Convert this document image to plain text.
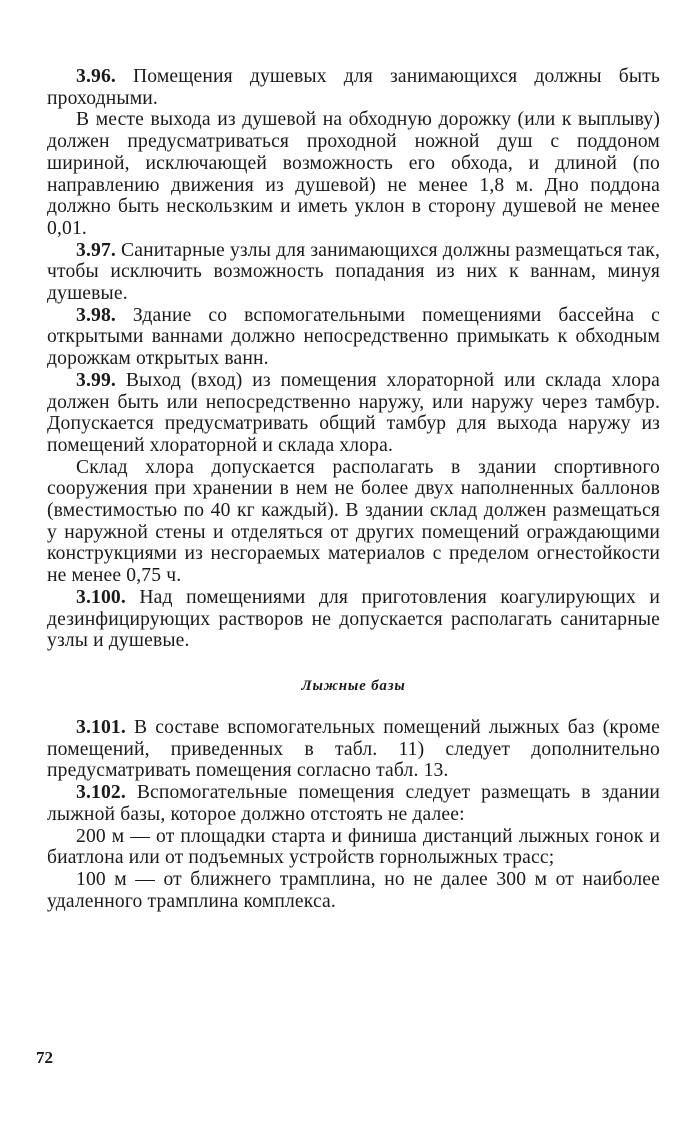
3.96. Помещения душевых для занимающихся должны быть проходными.

В месте выхода из душевой на обходную дорожку (или к выплыву) должен предусматриваться проходной ножной душ с поддоном шириной, исключающей возможность его обхода, и длиной (по направлению движения из душевой) не менее 1,8 м. Дно поддона должно быть нескользким и иметь уклон в сторону душевой не менее 0,01.

3.97. Санитарные узлы для занимающихся должны размещаться так, чтобы исключить возможность попадания из них к ваннам, минуя душевые.

3.98. Здание со вспомогательными помещениями бассейна с открытыми ваннами должно непосредственно примыкать к обходным дорожкам открытых ванн.

3.99. Выход (вход) из помещения хлораторной или склада хлора должен быть или непосредственно наружу, или наружу через тамбур. Допускается предусматривать общий тамбур для выхода наружу из помещений хлораторной и склада хлора.

Склад хлора допускается располагать в здании спортивного сооружения при хранении в нем не более двух наполненных баллонов (вместимостью по 40 кг каждый). В здании склад должен размещаться у наружной стены и отделяться от других помещений ограждающими конструкциями из несгораемых материалов с пределом огнестойкости не менее 0,75 ч.

3.100. Над помещениями для приготовления коагулирующих и дезинфицирующих растворов не допускается располагать санитарные узлы и душевые.

Лыжные базы

3.101. В составе вспомогательных помещений лыжных баз (кроме помещений, приведенных в табл. 11) следует дополнительно предусматривать помещения согласно табл. 13.

3.102. Вспомогательные помещения следует размещать в здании лыжной базы, которое должно отстоять не далее:

200 м — от площадки старта и финиша дистанций лыжных гонок и биатлона или от подъемных устройств горнолыжных трасс;

100 м — от ближнего трамплина, но не далее 300 м от наиболее удаленного трамплина комплекса.

72
